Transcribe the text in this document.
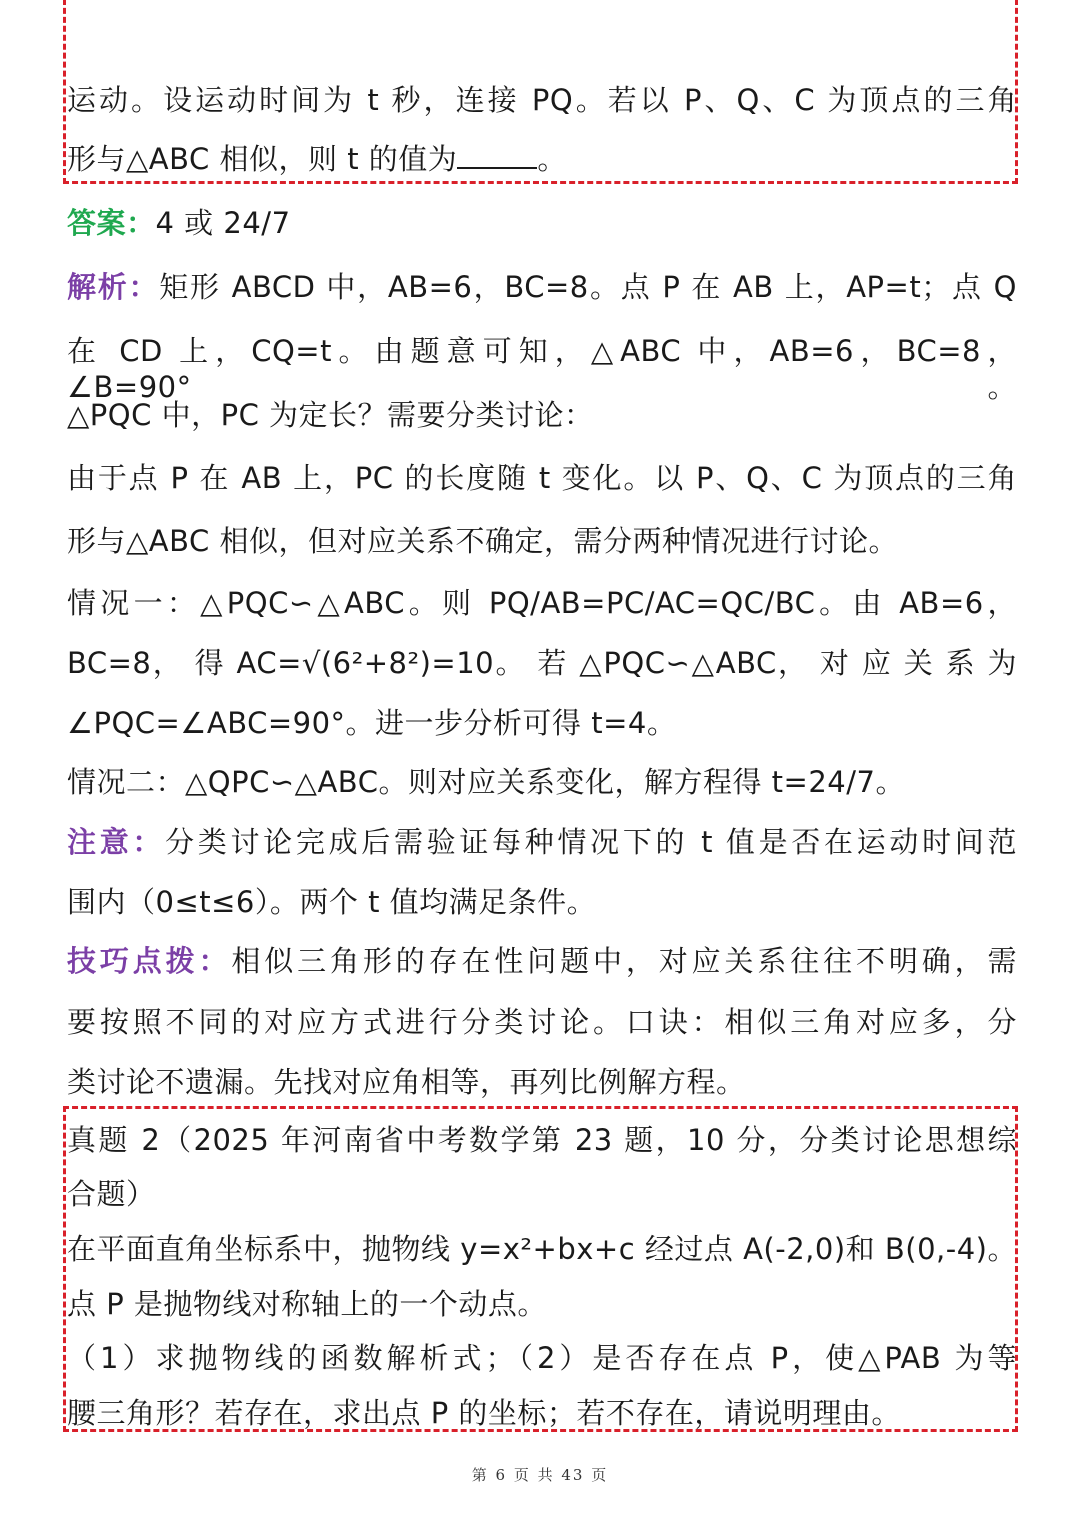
运动。设运动时间为 t 秒，连接 PQ。若以 P、Q、C 为顶点的三角
形与△ABC 相似，则 t 的值为	。
答案：4 或 24/7
解析：矩形 ABCD 中，AB=6，BC=8。点 P 在 AB 上，AP=t；点 Q
在 CD 上，CQ=t。由题意可知，△ABC 中，AB=6，BC=8，∠B=90°。
△PQC 中，PC 为定长？需要分类讨论：
由于点 P 在 AB 上，PC 的长度随 t 变化。以 P、Q、C 为顶点的三角
形与△ABC 相似，但对应关系不确定，需分两种情况进行讨论。
情况一：△PQC∽△ABC。则 PQ/AB=PC/AC=QC/BC。由 AB=6，
BC=8， 得 AC=√(6²+8²)=10。 若 △PQC∽△ABC， 对 应 关 系 为
∠PQC=∠ABC=90°。进一步分析可得 t=4。
情况二：△QPC∽△ABC。则对应关系变化，解方程得 t=24/7。
注意：分类讨论完成后需验证每种情况下的 t 值是否在运动时间范
围内（0≤t≤6）。两个 t 值均满足条件。
技巧点拨：相似三角形的存在性问题中，对应关系往往不明确，需
要按照不同的对应方式进行分类讨论。口诀：相似三角对应多，分
类讨论不遗漏。先找对应角相等，再列比例解方程。
真题 2（2025 年河南省中考数学第 23 题，10 分，分类讨论思想综
合题）
在平面直角坐标系中，抛物线 y=x²+bx+c 经过点 A(-2,0)和 B(0,-4)。
点 P 是抛物线对称轴上的一个动点。
（1）求抛物线的函数解析式；（2）是否存在点 P，使△PAB 为等
腰三角形？若存在，求出点 P 的坐标；若不存在，请说明理由。
第 6 页 共 43 页
